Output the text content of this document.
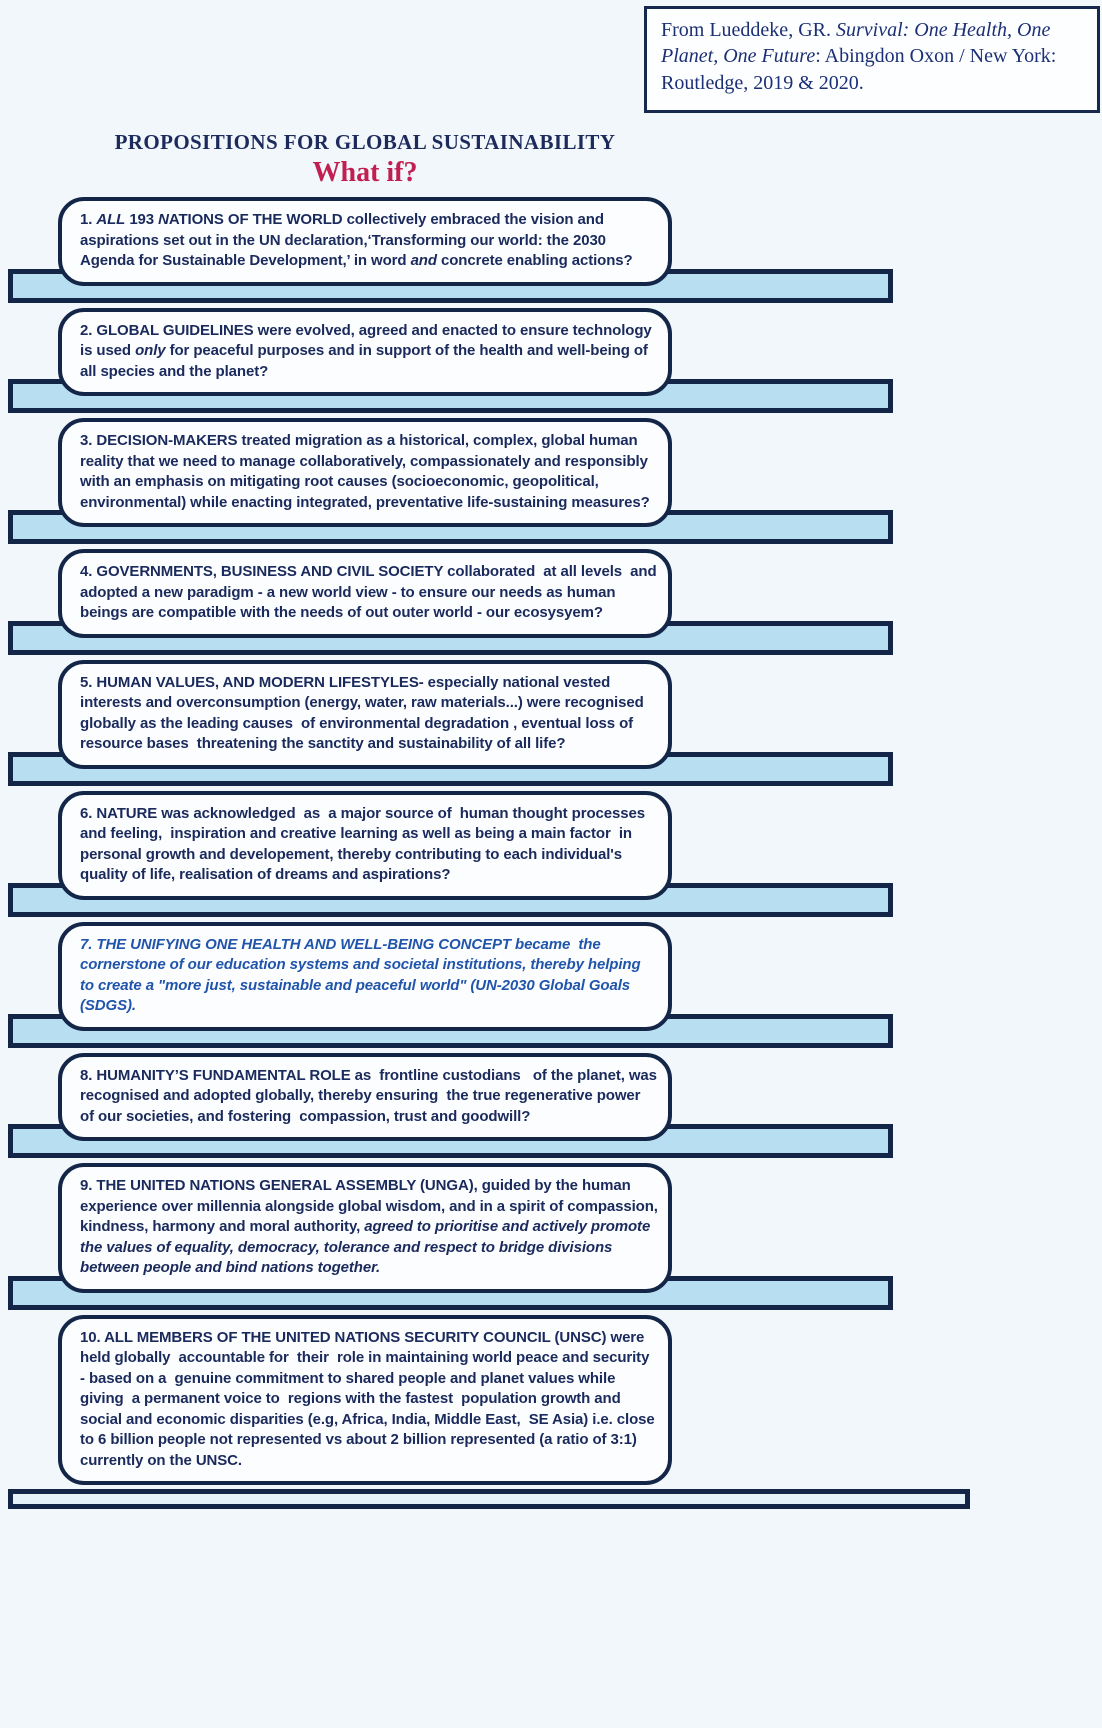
From Lueddeke, GR. Survival: One Health, One Planet, One Future: Abingdon Oxon / New York: Routledge, 2019 & 2020.
PROPOSITIONS FOR GLOBAL SUSTAINABILITY
What if?

1. ALL 193 NATIONS OF THE WORLD collectively embraced the vision and aspirations set out in the UN declaration,‘Transforming our world: the 2030 Agenda for Sustainable Development,’ in word and concrete enabling actions?

2. GLOBAL GUIDELINES were evolved, agreed and enacted to ensure technology is used only for peaceful purposes and in support of the health and well-being of all species and the planet?

3. DECISION-MAKERS treated migration as a historical, complex, global human reality that we need to manage collaboratively, compassionately and responsibly with an emphasis on mitigating root causes (socioeconomic, geopolitical, environmental) while enacting integrated, preventative life-sustaining measures?

4. GOVERNMENTS, BUSINESS AND CIVIL SOCIETY collaborated  at all levels  and adopted a new paradigm - a new world view - to ensure our needs as human beings are compatible with the needs of out outer world - our ecosysyem?

5. HUMAN VALUES, AND MODERN LIFESTYLES- especially national vested interests and overconsumption (energy, water, raw materials...) were recognised globally as the leading causes  of environmental degradation , eventual loss of resource bases  threatening the sanctity and sustainability of all life?

6. NATURE was acknowledged  as  a major source of  human thought processes and feeling,  inspiration and creative learning as well as being a main factor  in personal growth and developement, thereby contributing to each individual's quality of life, realisation of dreams and aspirations?

7. THE UNIFYING ONE HEALTH AND WELL-BEING CONCEPT became  the cornerstone of our education systems and societal institutions, thereby helping to create a "more just, sustainable and peaceful world" (UN-2030 Global Goals (SDGS).

8. HUMANITY’S FUNDAMENTAL ROLE as  frontline custodians   of the planet, was recognised and adopted globally, thereby ensuring  the true regenerative power of our societies, and fostering  compassion, trust and goodwill?

9. THE UNITED NATIONS GENERAL ASSEMBLY (UNGA), guided by the human experience over millennia alongside global wisdom, and in a spirit of compassion, kindness, harmony and moral authority, agreed to prioritise and actively promote the values of equality, democracy, tolerance and respect to bridge divisions between people and bind nations together.

10. ALL MEMBERS OF THE UNITED NATIONS SECURITY COUNCIL (UNSC) were held globally  accountable for  their  role in maintaining world peace and security - based on a  genuine commitment to shared people and planet values while giving  a permanent voice to  regions with the fastest  population growth and social and economic disparities (e.g, Africa, India, Middle East,  SE Asia) i.e. close to 6 billion people not represented vs about 2 billion represented (a ratio of 3:1) currently on the UNSC.
